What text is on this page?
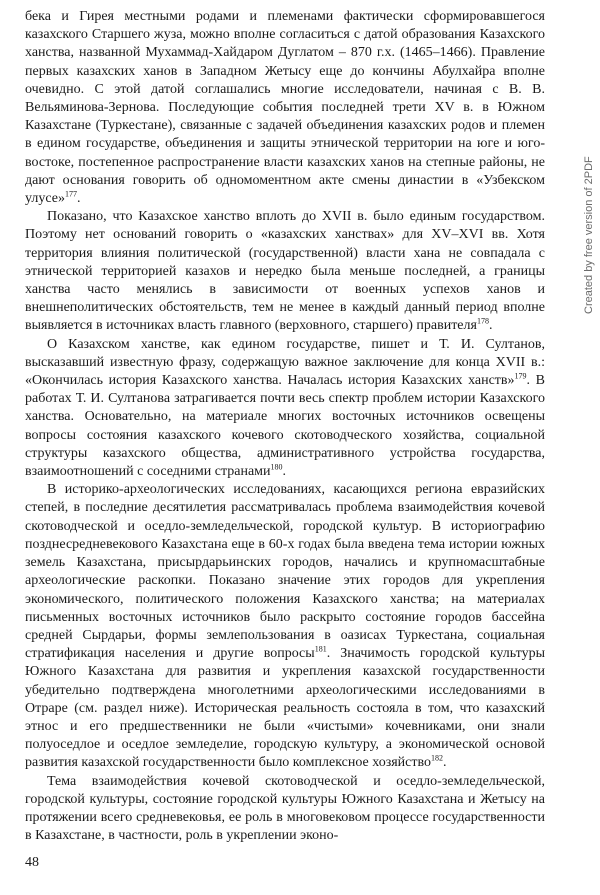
бека и Гирея местными родами и племенами фактически сформировавшегося казахского Старшего жуза, можно вполне согласиться с датой образования Казахского ханства, названной Мухаммад-Хайдаром Дуглатом – 870 г.х. (1465–1466). Правление первых казахских ханов в Западном Жетысу еще до кончины Абулхайра вполне очевидно. С этой датой соглашались многие исследователи, начиная с В. В. Вельяминова-Зернова. Последующие события последней трети XV в. в Южном Казахстане (Туркестане), связанные с задачей объединения казахских родов и племен в едином государстве, объединения и защиты этнической территории на юге и юго-востоке, постепенное распространение власти казахских ханов на степные районы, не дают основания говорить об одномоментном акте смены династии в «Узбекском улусе»$^{177}$.

Показано, что Казахское ханство вплоть до XVII в. было единым государством. Поэтому нет оснований говорить о «казахских ханствах» для XV–XVI вв. Хотя территория влияния политической (государственной) власти хана не совпадала с этнической территорией казахов и нередко была меньше последней, а границы ханства часто менялись в зависимости от военных успехов ханов и внешнеполитических обстоятельств, тем не менее в каждый данный период вполне выявляется в источниках власть главного (верховного, старшего) правителя$^{178}$.

О Казахском ханстве, как едином государстве, пишет и Т. И. Султанов, высказавший известную фразу, содержащую важное заключение для конца XVII в.: «Окончилась история Казахского ханства. Началась история Казахских ханств»$^{179}$. В работах Т. И. Султанова затрагивается почти весь спектр проблем истории Казахского ханства. Основательно, на материале многих восточных источников освещены вопросы состояния казахского кочевого скотоводческого хозяйства, социальной структуры казахского общества, административного устройства государства, взаимоотношений с соседними странами$^{180}$.

В историко-археологических исследованиях, касающихся региона евразийских степей, в последние десятилетия рассматривалась проблема взаимодействия кочевой скотоводческой и оседло-земледельческой, городской культур. В историографию позднесредневекового Казахстана еще в 60-х годах была введена тема истории южных земель Казахстана, присырдарьинских городов, начались и крупномасштабные археологические раскопки. Показано значение этих городов для укрепления экономического, политического положения Казахского ханства; на материалах письменных восточных источников было раскрыто состояние городов бассейна средней Сырдарьи, формы землепользования в оазисах Туркестана, социальная стратификация населения и другие вопросы$^{181}$. Значимость городской культуры Южного Казахстана для развития и укрепления казахской государственности убедительно подтверждена многолетними археологическими исследованиями в Отраре (см. раздел ниже). Историческая реальность состояла в том, что казахский этнос и его предшественники не были «чистыми» кочевниками, они знали полуоседлое и оседлое земледелие, городскую культуру, а экономической основой развития казахской государственности было комплексное хозяйство$^{182}$.

Тема взаимодействия кочевой скотоводческой и оседло-земледельческой, городской культуры, состояние городской культуры Южного Казахстана и Жетысу на протяжении всего средневековья, ее роль в многовековом процессе государственности в Казахстане, в частности, роль в укреплении эконо-

Created by free version of 2PDF
48
